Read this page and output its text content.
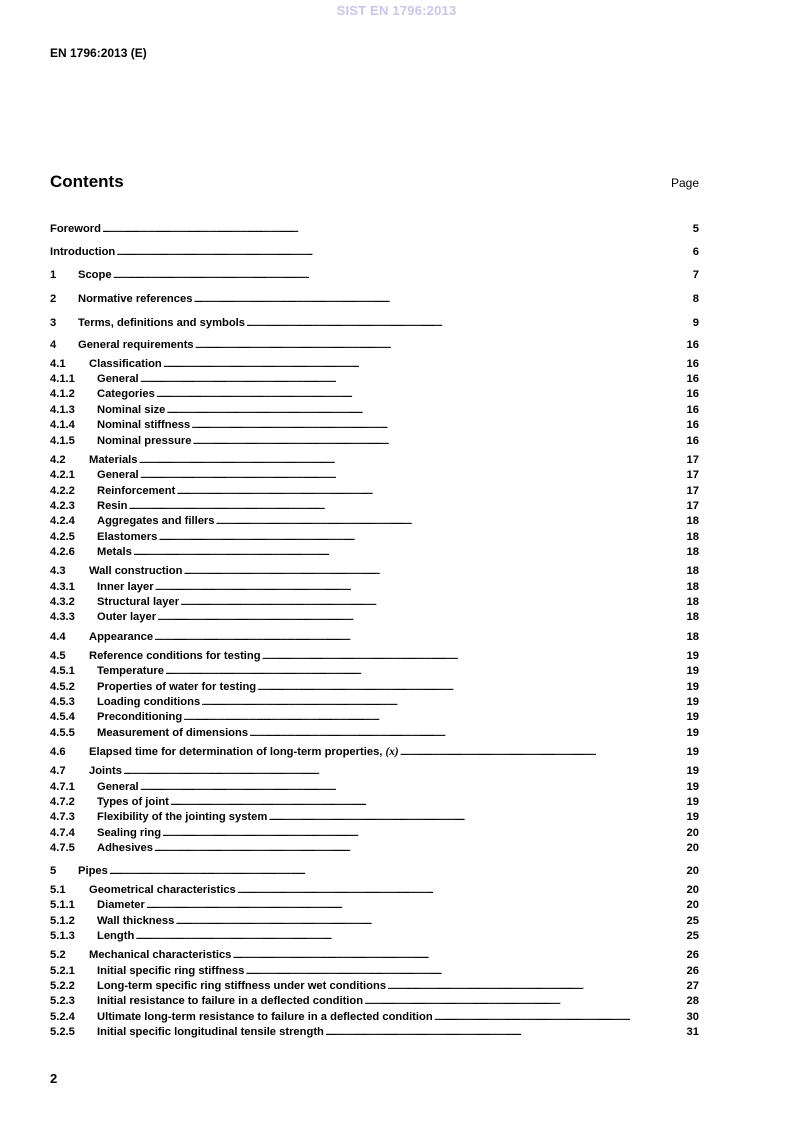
SIST EN 1796:2013
EN 1796:2013 (E)
Contents	Page
Foreword . . .	5
Introduction . . .	6
1	Scope . . .	7
2	Normative references . . .	8
3	Terms, definitions and symbols . . .	9
4	General requirements . . .	16
4.1	Classification . . .	16
4.1.1	General . . .	16
4.1.2	Categories . . .	16
4.1.3	Nominal size . . .	16
4.1.4	Nominal stiffness . . .	16
4.1.5	Nominal pressure . . .	16
4.2	Materials . . .	17
4.2.1	General . . .	17
4.2.2	Reinforcement . . .	17
4.2.3	Resin . . .	17
4.2.4	Aggregates and fillers . . .	18
4.2.5	Elastomers . . .	18
4.2.6	Metals . . .	18
4.3	Wall construction . . .	18
4.3.1	Inner layer . . .	18
4.3.2	Structural layer . . .	18
4.3.3	Outer layer . . .	18
4.4	Appearance . . .	18
4.5	Reference conditions for testing . . .	19
4.5.1	Temperature . . .	19
4.5.2	Properties of water for testing . . .	19
4.5.3	Loading conditions . . .	19
4.5.4	Preconditioning . . .	19
4.5.5	Measurement of dimensions . . .	19
4.6	Elapsed time for determination of long-term properties, (x) . . .	19
4.7	Joints . . .	19
4.7.1	General . . .	19
4.7.2	Types of joint . . .	19
4.7.3	Flexibility of the jointing system . . .	19
4.7.4	Sealing ring . . .	20
4.7.5	Adhesives . . .	20
5	Pipes . . .	20
5.1	Geometrical characteristics . . .	20
5.1.1	Diameter . . .	20
5.1.2	Wall thickness . . .	25
5.1.3	Length . . .	25
5.2	Mechanical characteristics . . .	26
5.2.1	Initial specific ring stiffness . . .	26
5.2.2	Long-term specific ring stiffness under wet conditions . . .	27
5.2.3	Initial resistance to failure in a deflected condition . . .	28
5.2.4	Ultimate long-term resistance to failure in a deflected condition . . .	30
5.2.5	Initial specific longitudinal tensile strength . . .	31
2
